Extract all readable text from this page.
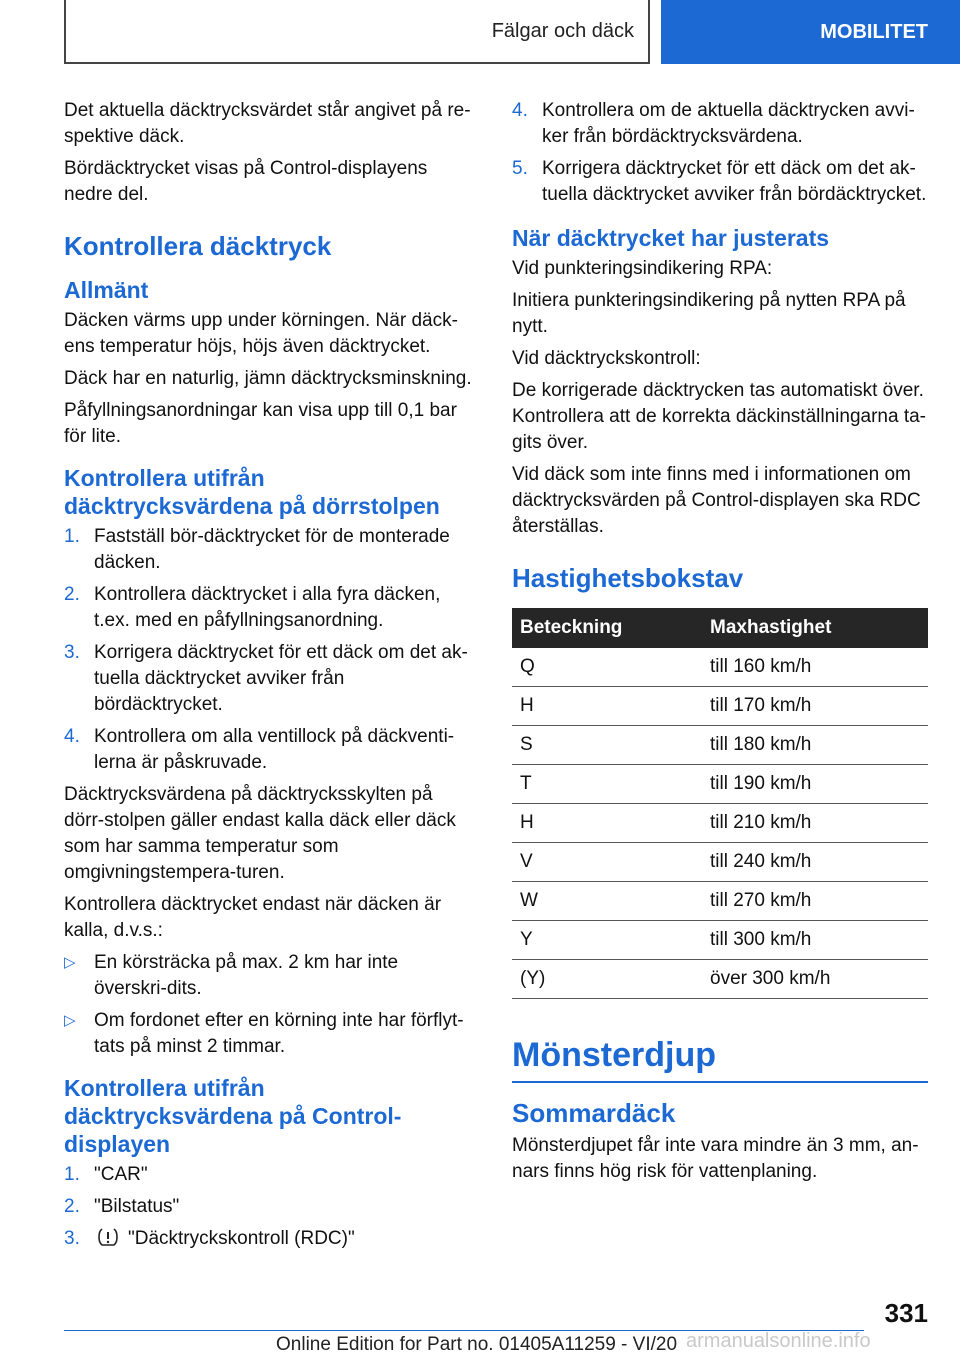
Fälgar och däck	MOBILITET

Det aktuella däcktrycksvärdet står angivet på re-spektive däck.

Bördäcktrycket visas på Control-displayens nedre del.

Kontrollera däcktryck
Allmänt

Däcken värms upp under körningen. När däck-ens temperatur höjs, höjs även däcktrycket.

Däck har en naturlig, jämn däcktrycksminskning.

Påfyllningsanordningar kan visa upp till 0,1 bar för lite.

Kontrollera utifrån däcktrycksvärdena på dörrstolpen
1. Fastställ bör-däcktrycket för de monterade däcken.
2. Kontrollera däcktrycket i alla fyra däcken, t.ex. med en påfyllningsanordning.
3. Korrigera däcktrycket för ett däck om det ak-tuella däcktrycket avviker från bördäcktrycket.
4. Kontrollera om alla ventillock på däckventi-lerna är påskruvade.

Däcktrycksvärdena på däcktrycksskylten på dörr-stolpen gäller endast kalla däck eller däck som har samma temperatur som omgivningstempera-turen.

Kontrollera däcktrycket endast när däcken är kalla, d.v.s.:

▷ En körsträcka på max. 2 km har inte överskri-dits.
▷ Om fordonet efter en körning inte har förflyt-tats på minst 2 timmar.
Kontrollera utifrån däcktrycksvärdena på Control-displayen
1. "CAR"
2. "Bilstatus"
3.	"Däcktryckskontroll (RDC)"
4. Kontrollera om de aktuella däcktrycken avvi-ker från bördäcktrycksvärdena.
5. Korrigera däcktrycket för ett däck om det ak-tuella däcktrycket avviker från bördäcktrycket.
När däcktrycket har justerats

Vid punkteringsindikering RPA:

Initiera punkteringsindikering på nytten RPA på nytt.

Vid däcktryckskontroll:

De korrigerade däcktrycken tas automatiskt över. Kontrollera att de korrekta däckinställningarna ta-gits över.

Vid däck som inte finns med i informationen om däcktrycksvärden på Control-displayen ska RDC återställas.

Hastighetsbokstav
Beteckning	Maxhastighet
Q	till 160 km/h
H	till 170 km/h
S	till 180 km/h
T	till 190 km/h
H	till 210 km/h
V	till 240 km/h
W	till 270 km/h
Y	till 300 km/h
(Y)	över 300 km/h
Mönsterdjup
Sommardäck

Mönsterdjupet får inte vara mindre än 3 mm, an-nars finns hög risk för vattenplaning.

331
Online Edition for Part no. 01405A11259 - VI/20 armanualsonline.info
